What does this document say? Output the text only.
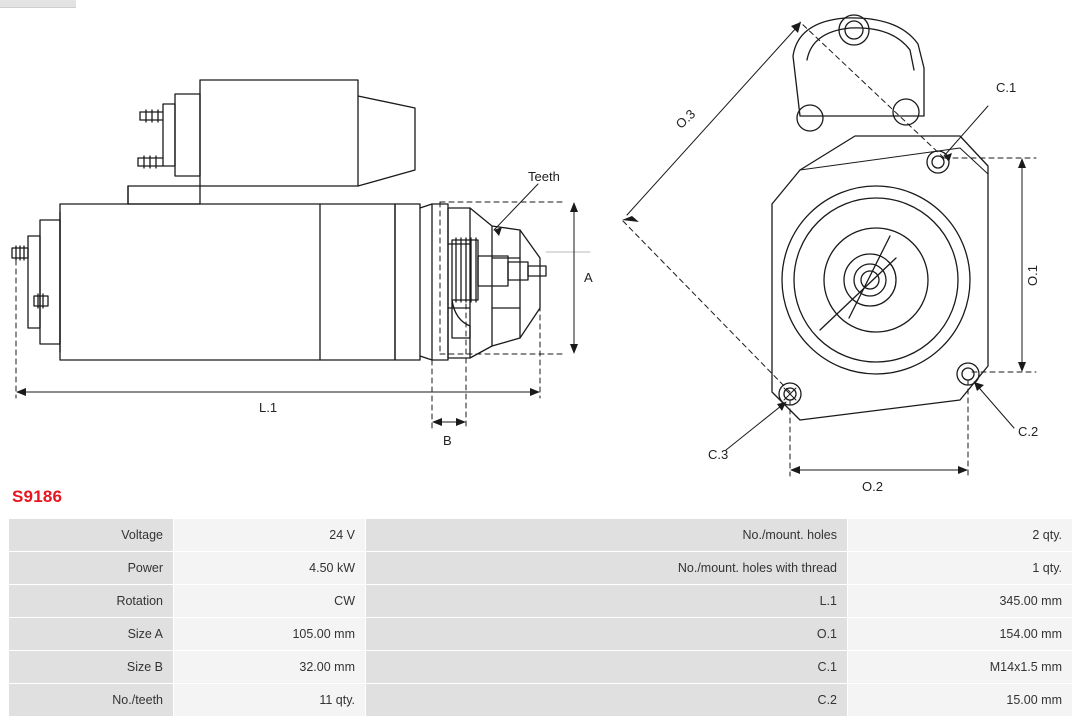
Teeth
A
B
L.1
O.1
O.2
O.3
C.1
C.2
C.3
S9186
Voltage	24 V	No./mount. holes	2 qty.
Power	4.50 kW	No./mount. holes with thread	1 qty.
Rotation	CW	L.1	345.00 mm
Size A	105.00 mm	O.1	154.00 mm
Size B	32.00 mm	C.1	M14x1.5 mm
No./teeth	11 qty.	C.2	15.00 mm
